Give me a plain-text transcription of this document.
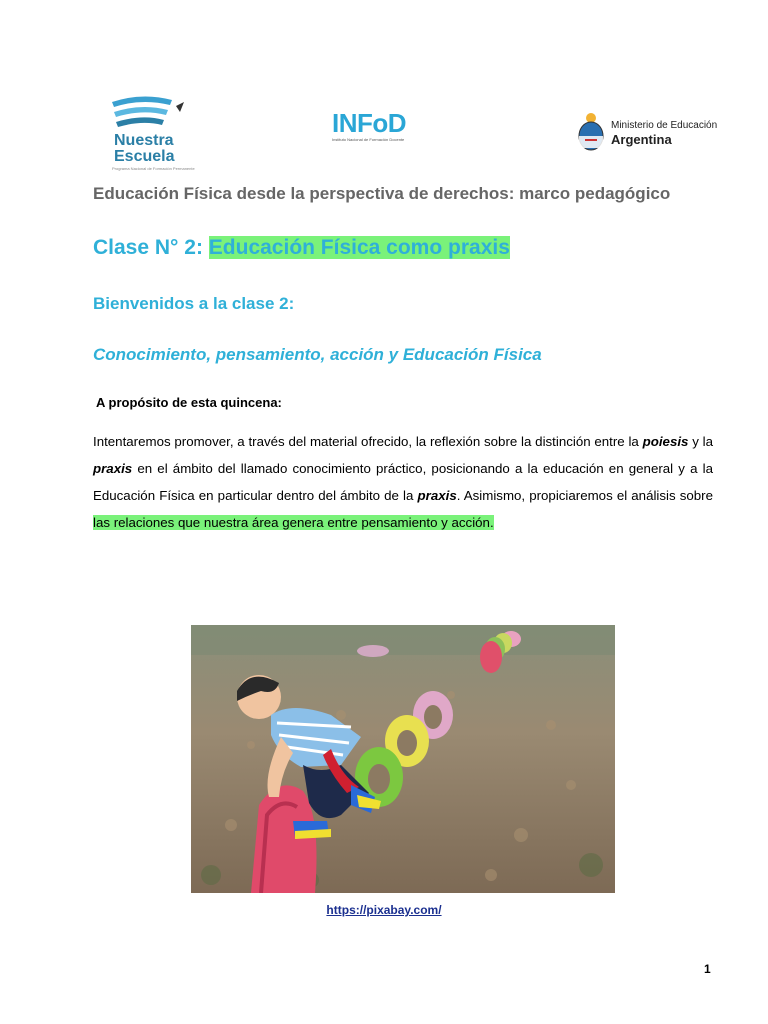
Nuestra
Escuela
Programa Nacional de Formación Permanente
INFoD
Instituto Nacional de Formación Docente
Ministerio de Educación
Argentina
Educación Física desde la perspectiva de derechos: marco pedagógico
Clase N° 2: Educación Física como praxis
Bienvenidos a la clase 2:
Conocimiento, pensamiento, acción y Educación Física
A propósito de esta quincena:
Intentaremos promover, a través del material ofrecido, la reflexión sobre la distinción entre la poiesis y la praxis en el ámbito del llamado conocimiento práctico, posicionando a la educación en general y a la Educación Física en particular dentro del ámbito de la praxis. Asimismo, propiciaremos el análisis sobre las relaciones que nuestra área genera entre pensamiento y acción.
https://pixabay.com/
1
